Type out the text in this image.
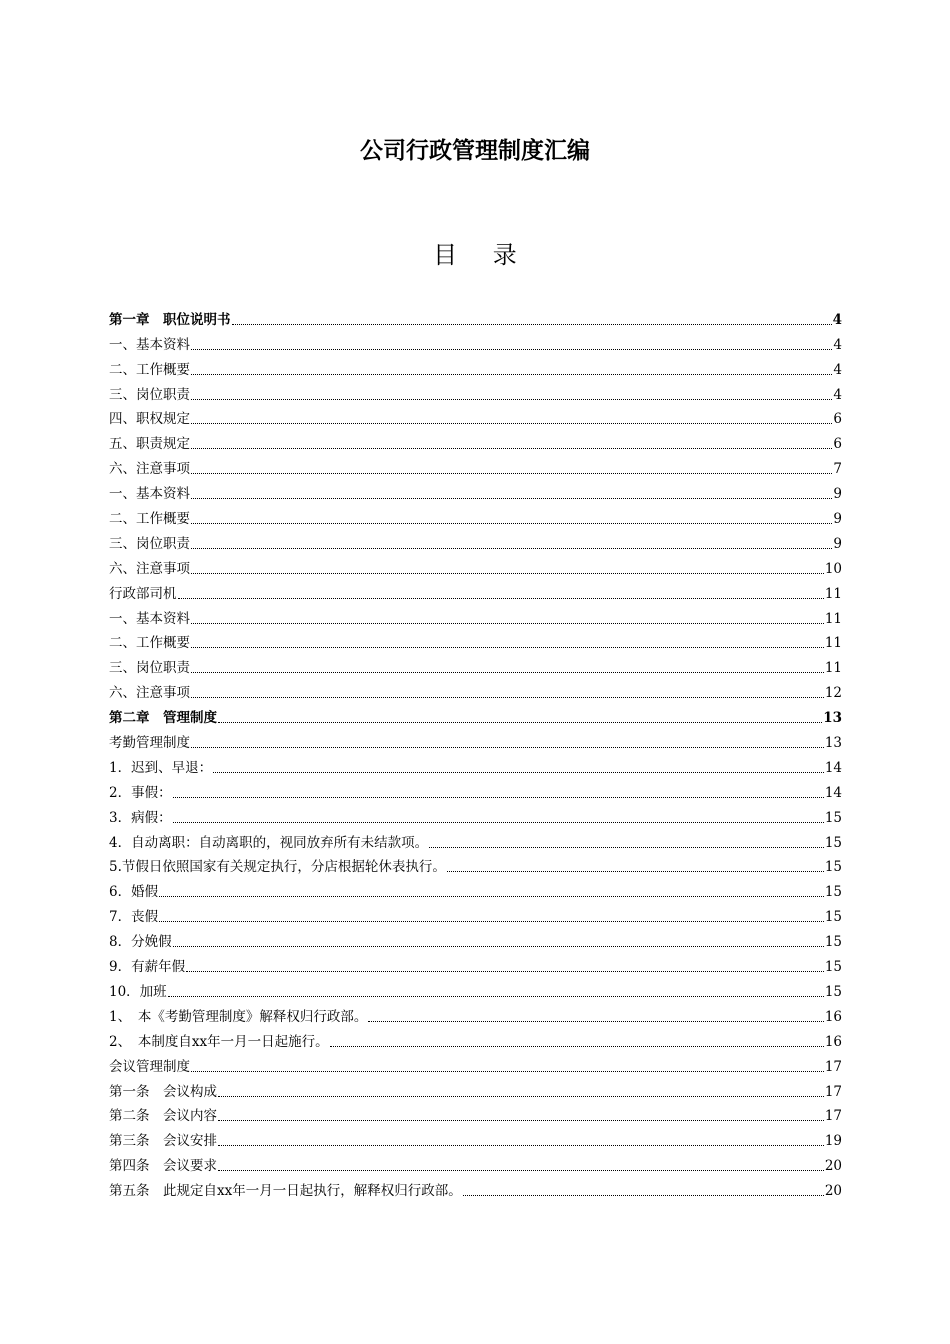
公司行政管理制度汇编
目 录
第一章　职位说明书	4
一、基本资料	4
二、工作概要	4
三、岗位职责	4
四、职权规定	6
五、职责规定	6
六、注意事项	7
一、基本资料	9
二、工作概要	9
三、岗位职责	9
六、注意事项	10
行政部司机	11
一、基本资料	11
二、工作概要	11
三、岗位职责	11
六、注意事项	12
第二章　管理制度	13
考勤管理制度	13
1．迟到、早退：	14
2．事假：	14
3．病假：	15
4．自动离职：自动离职的，视同放弃所有未结款项。	15
5.节假日依照国家有关规定执行，分店根据轮休表执行。	15
6．婚假	15
7．丧假	15
8．分娩假	15
9．有薪年假	15
10．加班	15
1、　本《考勤管理制度》解释权归行政部。	16
2、　本制度自xx年一月一日起施行。	16
会议管理制度	17
第一条　会议构成	17
第二条　会议内容	17
第三条　会议安排	19
第四条　会议要求	20
第五条　此规定自xx年一月一日起执行，解释权归行政部。	20
